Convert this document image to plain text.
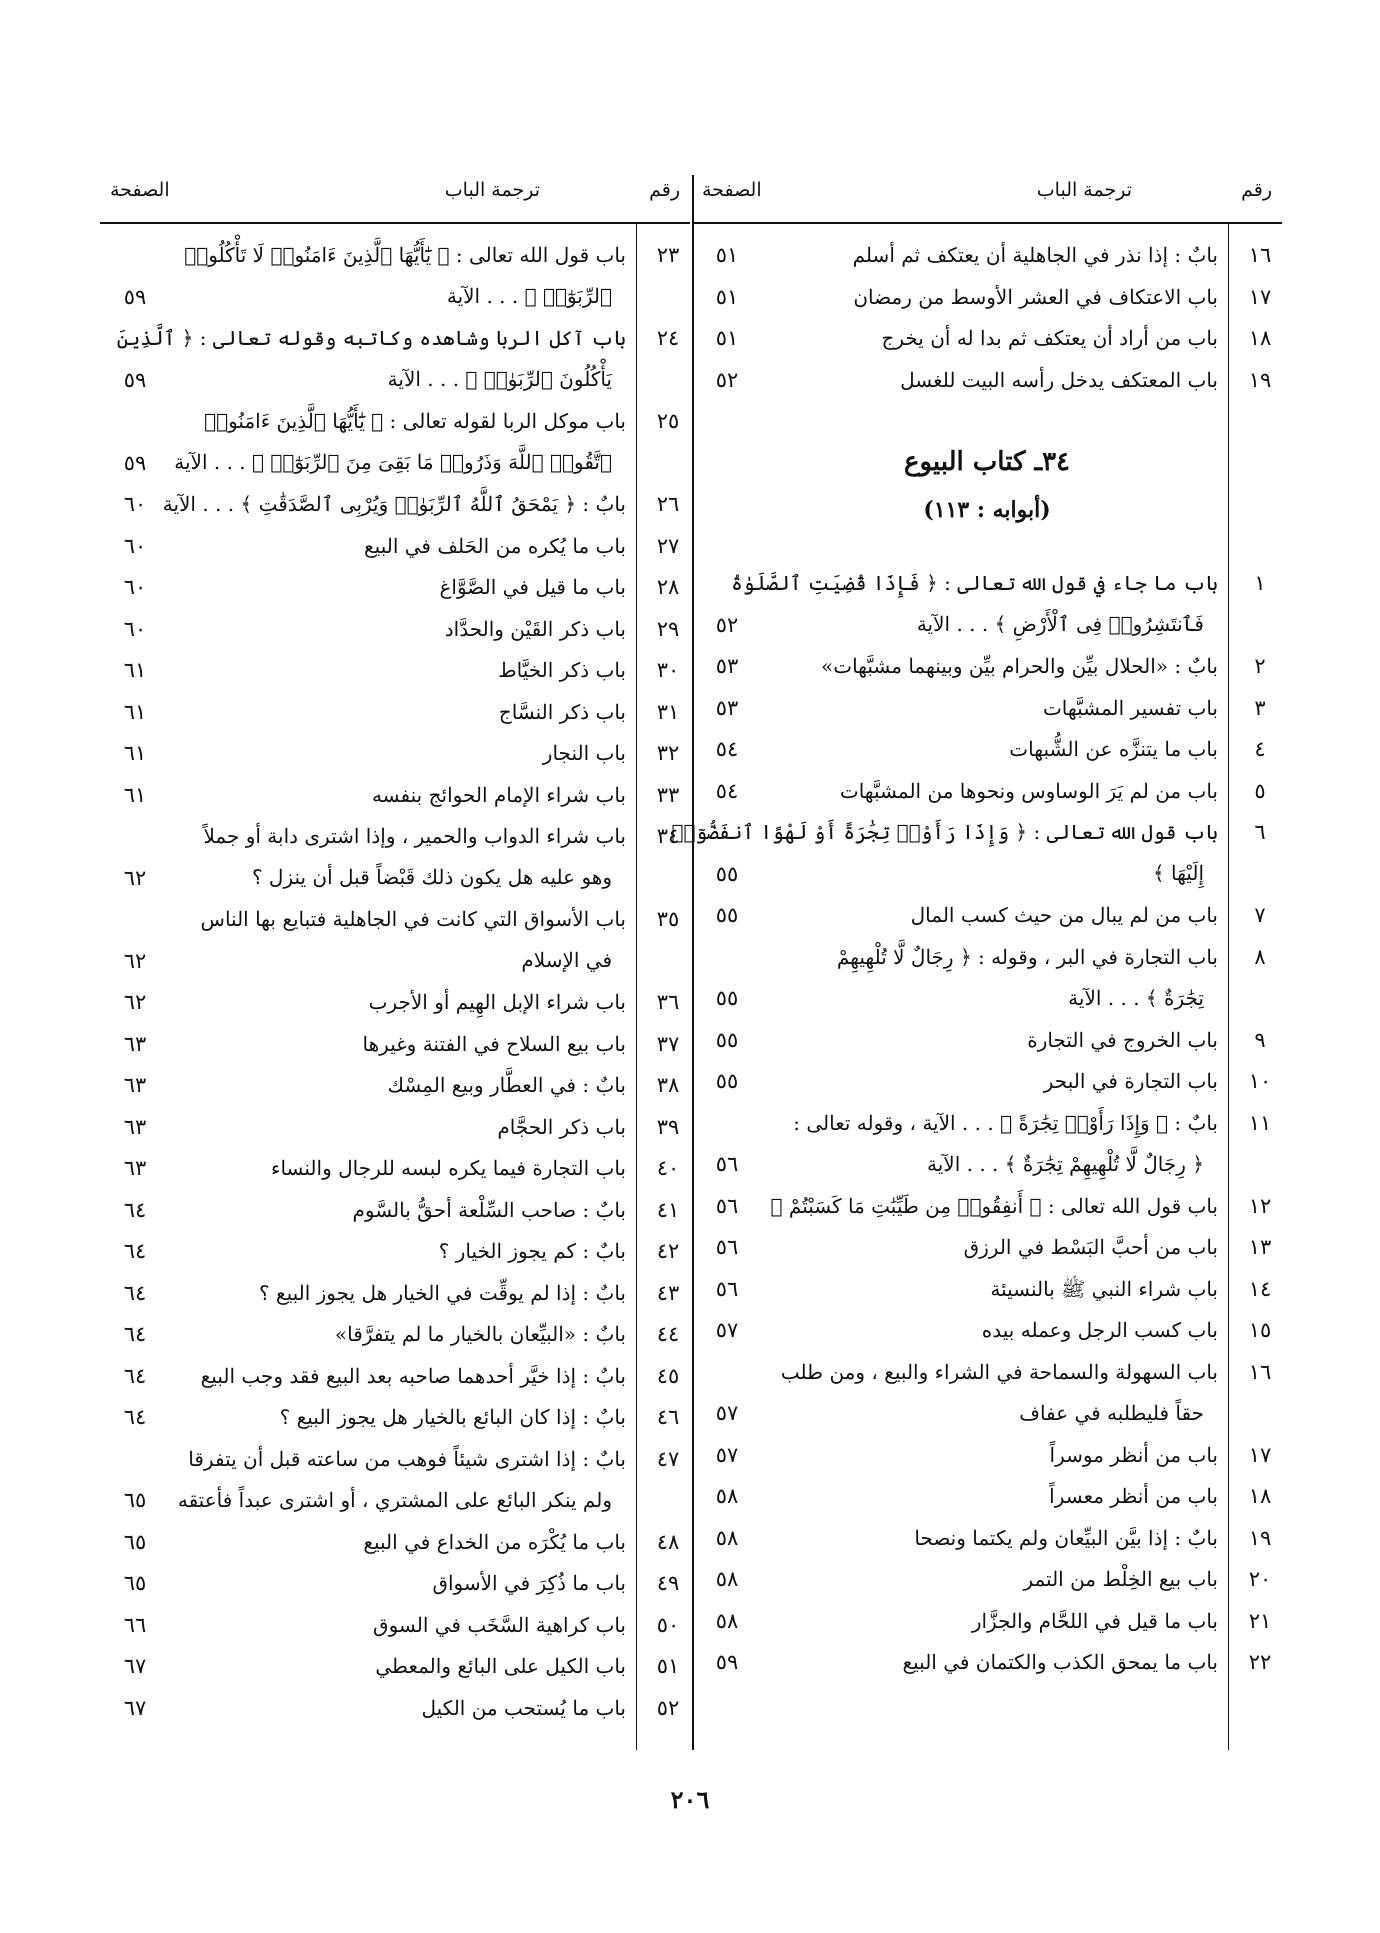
رقم
ترجمة الباب
الصفحة
١٦
بابٌ : إذا نذر في الجاهلية أن يعتكف ثم أسلم
٥١
١٧
باب الاعتكاف في العشر الأوسط من رمضان
٥١
١٨
باب من أراد أن يعتكف ثم بدا له أن يخرج
٥١
١٩
باب المعتكف يدخل رأسه البيت للغسل
٥٢
٣٤ـ كتاب البيوع
(أبوابه : ١١٣)
١
باب ما جاء في قول الله تعالى : ﴿ فَإِذَا قُضِيَتِ ٱلصَّلَوٰةُ
فَٱنتَشِرُوا۟ فِى ٱلْأَرْضِ ﴾ . . . الآية
٥٢
٢
بابٌ : «الحلال بيِّن والحرام بيِّن وبينهما مشبَّهات»
٥٣
٣
باب تفسير المشبَّهات
٥٣
٤
باب ما يتنزَّه عن الشُّبهات
٥٤
٥
باب من لم يَرَ الوساوس ونحوها من المشبَّهات
٥٤
٦
باب قول الله تعالى : ﴿ وَإِذَا رَأَوْا۟ تِجَٰرَةً أَوْ لَهْوًا ٱنفَضُّوٓا۟
إِلَيْهَا ﴾
٥٥
٧
باب من لم يبال من حيث كسب المال
٥٥
٨
باب التجارة في البر ، وقوله : ﴿ رِجَالٌ لَّا تُلْهِيهِمْ
تِجَٰرَةٌ ﴾ . . . الآية
٥٥
٩
باب الخروج في التجارة
٥٥
١٠
باب التجارة في البحر
٥٥
١١
بابٌ : ﴿ وَإِذَا رَأَوْا۟ تِجَٰرَةً ﴾ . . . الآية ، وقوله تعالى :
﴿ رِجَالٌ لَّا تُلْهِيهِمْ تِجَٰرَةٌ ﴾ . . . الآية
٥٦
١٢
باب قول الله تعالى : ﴿ أَنفِقُوا۟ مِن طَيِّبَٰتِ مَا كَسَبْتُمْ ﴾
٥٦
١٣
باب من أحبَّ البَسْط في الرزق
٥٦
١٤
باب شراء النبي ﷺ بالنسيئة
٥٦
١٥
باب كسب الرجل وعمله بيده
٥٧
١٦
باب السهولة والسماحة في الشراء والبيع ، ومن طلب
حقاً فليطلبه في عفاف
٥٧
١٧
باب من أنظر موسراً
٥٧
١٨
باب من أنظر معسراً
٥٨
١٩
بابٌ : إذا بيَّن البيِّعان ولم يكتما ونصحا
٥٨
٢٠
باب بيع الخِلْط من التمر
٥٨
٢١
باب ما قيل في اللحَّام والجزَّار
٥٨
٢٢
باب ما يمحق الكذب والكتمان في البيع
٥٩
رقم
ترجمة الباب
الصفحة
٢٣
باب قول الله تعالى : ﴿ يَٰٓأَيُّهَا ٱلَّذِينَ ءَامَنُوا۟ لَا تَأْكُلُوا۟
ٱلرِّبَوٰٓا۟ ﴾ . . . الآية
٥٩
٢٤
باب آكل الربا وشاهده وكاتبه وقوله تعالى : ﴿ ٱلَّذِينَ
يَأْكُلُونَ ٱلرِّبَوٰا۟ ﴾ . . . الآية
٥٩
٢٥
باب موكل الربا لقوله تعالى : ﴿ يَٰٓأَيُّهَا ٱلَّذِينَ ءَامَنُوا۟
ٱتَّقُوا۟ ٱللَّهَ وَذَرُوا۟ مَا بَقِىَ مِنَ ٱلرِّبَوٰٓا۟ ﴾ . . . الآية
٥٩
٢٦
بابٌ : ﴿ يَمْحَقُ ٱللَّهُ ٱلرِّبَوٰا۟ وَيُرْبِى ٱلصَّدَقَٰتِ ﴾ . . . الآية
٦٠
٢٧
باب ما يُكره من الحَلف في البيع
٦٠
٢٨
باب ما قيل في الصَّوَّاغ
٦٠
٢٩
باب ذكر القَيْن والحدَّاد
٦٠
٣٠
باب ذكر الخيَّاط
٦١
٣١
باب ذكر النسَّاج
٦١
٣٢
باب النجار
٦١
٣٣
باب شراء الإمام الحوائج بنفسه
٦١
٣٤
باب شراء الدواب والحمير ، وإذا اشترى دابة أو جملاً
وهو عليه هل يكون ذلك قَبْضاً قبل أن ينزل ؟
٦٢
٣٥
باب الأسواق التي كانت في الجاهلية فتبايع بها الناس
في الإسلام
٦٢
٣٦
باب شراء الإبل الهِيم أو الأجرب
٦٢
٣٧
باب بيع السلاح في الفتنة وغيرها
٦٣
٣٨
بابٌ : في العطَّار وبيع المِسْك
٦٣
٣٩
باب ذكر الحجَّام
٦٣
٤٠
باب التجارة فيما يكره لبسه للرجال والنساء
٦٣
٤١
بابٌ : صاحب السِّلْعة أحقُّ بالسَّوم
٦٤
٤٢
بابٌ : كم يجوز الخيار ؟
٦٤
٤٣
بابٌ : إذا لم يوقِّت في الخيار هل يجوز البيع ؟
٦٤
٤٤
بابٌ : «البيِّعان بالخيار ما لم يتفرَّقا»
٦٤
٤٥
بابٌ : إذا خيَّر أحدهما صاحبه بعد البيع فقد وجب البيع
٦٤
٤٦
بابٌ : إذا كان البائع بالخيار هل يجوز البيع ؟
٦٤
٤٧
بابٌ : إذا اشترى شيئاً فوهب من ساعته قبل أن يتفرقا
ولم ينكر البائع على المشتري ، أو اشترى عبداً فأعتقه
٦٥
٤٨
باب ما يُكْرَه من الخداع في البيع
٦٥
٤٩
باب ما ذُكِرَ في الأسواق
٦٥
٥٠
باب كراهية السَّخَب في السوق
٦٦
٥١
باب الكيل على البائع والمعطي
٦٧
٥٢
باب ما يُستحب من الكيل
٦٧
٢٠٦
